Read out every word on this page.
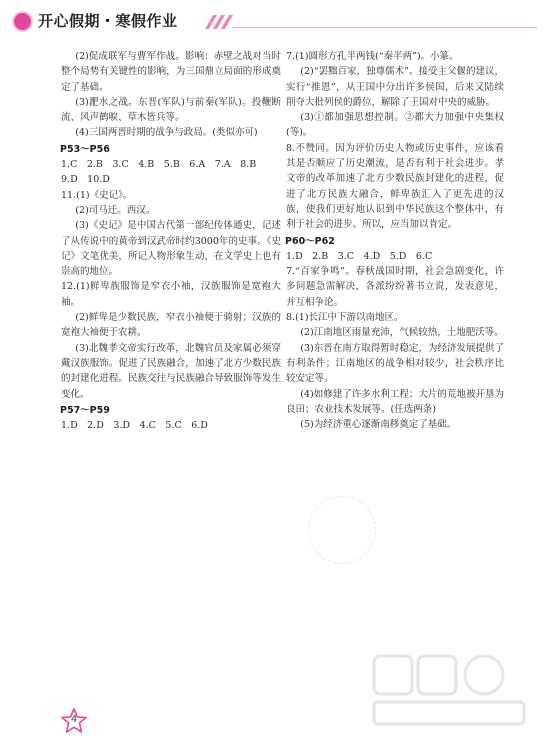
开心假期・寒假作业

(2)促成联军与曹军作战。影响：赤壁之战对当时整个局势有关键性的影响，为三国鼎立局面的形成奠定了基础。

(3)淝水之战。东晋(军队)与前秦(军队)。投鞭断流、风声鹤唳、草木皆兵等。

(4)三国两晋时期的战争与政局。(类似亦可)

P53～P56

1.C　2.B　3.C　4.B　5.B　6.A　7.A　8.B

9.D　10.D

11.(1)《史记》。

(2)司马迁。西汉。

(3)《史记》是中国古代第一部纪传体通史，记述了从传说中的黄帝到汉武帝时约3000年的史事。《史记》文笔优美，所记人物形象生动，在文学史上也有崇高的地位。

12.(1)鲜卑族服饰是窄衣小袖，汉族服饰是宽袍大袖。

(2)鲜卑是少数民族，窄衣小袖便于骑射；汉族的宽袍大袖便于农耕。

(3)北魏孝文帝实行改革，北魏官员及家属必须穿戴汉族服饰。促进了民族融合，加速了北方少数民族的封建化进程。民族交往与民族融合导致服饰等发生变化。

P57～P59

1.D　2.D　3.D　4.C　5.C　6.D

7.(1)圆形方孔半两钱(“秦半两”)。小篆。

(2)“罢黜百家，独尊儒术”。接受主父偃的建议，实行“推恩”，从王国中分出许多侯国，后来又陆续削夺大批列侯的爵位，解除了王国对中央的威胁。

(3)①都加强思想控制。②都大力加强中央集权(等)。

8.不赞同。因为评价历史人物或历史事件，应该看其是否顺应了历史潮流，是否有利于社会进步。孝文帝的改革加速了北方少数民族封建化的进程，促进了北方民族大融合，鲜卑族汇入了更先进的汉族，使我们更好地认识到中华民族这个整体中，有利于社会的进步。所以，应当加以肯定。

P60～P62

1.D　2.B　3.C　4.D　5.D　6.C

7.“百家争鸣”。春秋战国时期，社会急剧变化，许多问题急需解决，各派纷纷著书立说，发表意见，并互相争论。

8.(1)长江中下游以南地区。

(2)江南地区雨量充沛，气候较热，土地肥沃等。

(3)东晋在南方取得暂时稳定，为经济发展提供了有利条件；江南地区的战争相对较少，社会秩序比较安定等。

(4)如修建了许多水利工程；大片的荒地被开垦为良田；农业技术发展等。(任选两条)

(5)为经济重心逐渐南移奠定了基础。

4
